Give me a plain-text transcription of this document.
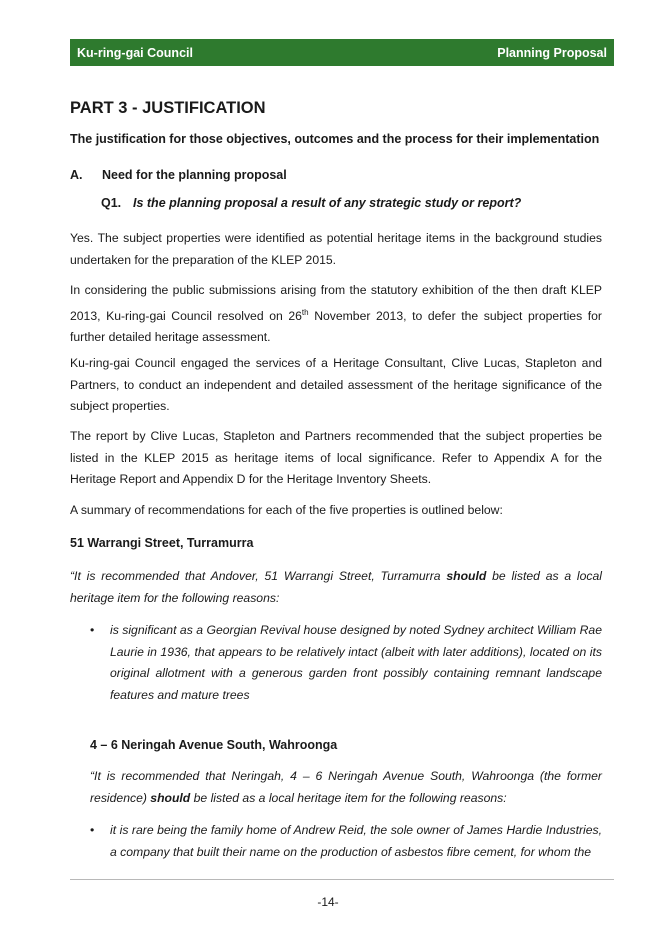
Ku-ring-gai Council	Planning Proposal
PART 3 - JUSTIFICATION
The justification for those objectives, outcomes and the process for their implementation
A. Need for the planning proposal
Q1. Is the planning proposal a result of any strategic study or report?

Yes. The subject properties were identified as potential heritage items in the background studies undertaken for the preparation of the KLEP 2015.

In considering the public submissions arising from the statutory exhibition of the then draft KLEP 2013, Ku-ring-gai Council resolved on 26th November 2013, to defer the subject properties for further detailed heritage assessment.

Ku-ring-gai Council engaged the services of a Heritage Consultant, Clive Lucas, Stapleton and Partners, to conduct an independent and detailed assessment of the heritage significance of the subject properties.

The report by Clive Lucas, Stapleton and Partners recommended that the subject properties be listed in the KLEP 2015 as heritage items of local significance. Refer to Appendix A for the Heritage Report and Appendix D for the Heritage Inventory Sheets.

A summary of recommendations for each of the five properties is outlined below:

51 Warrangi Street, Turramurra

“It is recommended that Andover, 51 Warrangi Street, Turramurra should be listed as a local heritage item for the following reasons:

• is significant as a Georgian Revival house designed by noted Sydney architect William Rae Laurie in 1936, that appears to be relatively intact (albeit with later additions), located on its original allotment with a generous garden front possibly containing remnant landscape features and mature trees

4 – 6 Neringah Avenue South, Wahroonga

“It is recommended that Neringah, 4 – 6 Neringah Avenue South, Wahroonga (the former residence) should be listed as a local heritage item for the following reasons:

• it is rare being the family home of Andrew Reid, the sole owner of James Hardie Industries, a company that built their name on the production of asbestos fibre cement, for whom the

-14-
